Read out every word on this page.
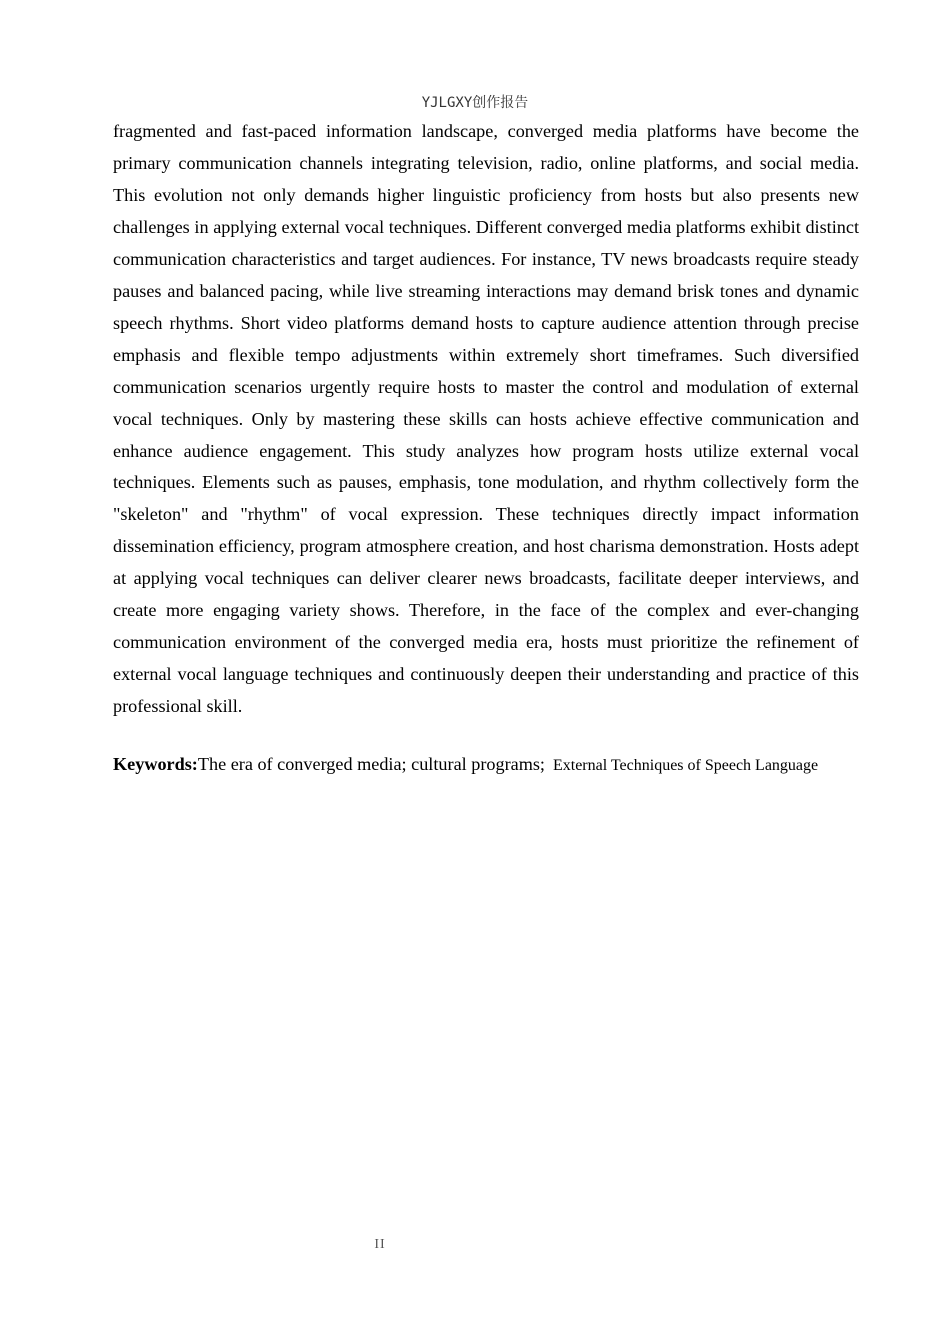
YJLGXY创作报告

fragmented and fast-paced information landscape, converged media platforms have become the primary communication channels integrating television, radio, online platforms, and social media. This evolution not only demands higher linguistic proficiency from hosts but also presents new challenges in applying external vocal techniques. Different converged media platforms exhibit distinct communication characteristics and target audiences. For instance, TV news broadcasts require steady pauses and balanced pacing, while live streaming interactions may demand brisk tones and dynamic speech rhythms. Short video platforms demand hosts to capture audience attention through precise emphasis and flexible tempo adjustments within extremely short timeframes. Such diversified communication scenarios urgently require hosts to master the control and modulation of external vocal techniques. Only by mastering these skills can hosts achieve effective communication and enhance audience engagement. This study analyzes how program hosts utilize external vocal techniques. Elements such as pauses, emphasis, tone modulation, and rhythm collectively form the "skeleton" and "rhythm" of vocal expression. These techniques directly impact information dissemination efficiency, program atmosphere creation, and host charisma demonstration. Hosts adept at applying vocal techniques can deliver clearer news broadcasts, facilitate deeper interviews, and create more engaging variety shows. Therefore, in the face of the complex and ever-changing communication environment of the converged media era, hosts must prioritize the refinement of external vocal language techniques and continuously deepen their understanding and practice of this professional skill.

Keywords:The era of converged media; cultural programs; External Techniques of Speech Language

II
